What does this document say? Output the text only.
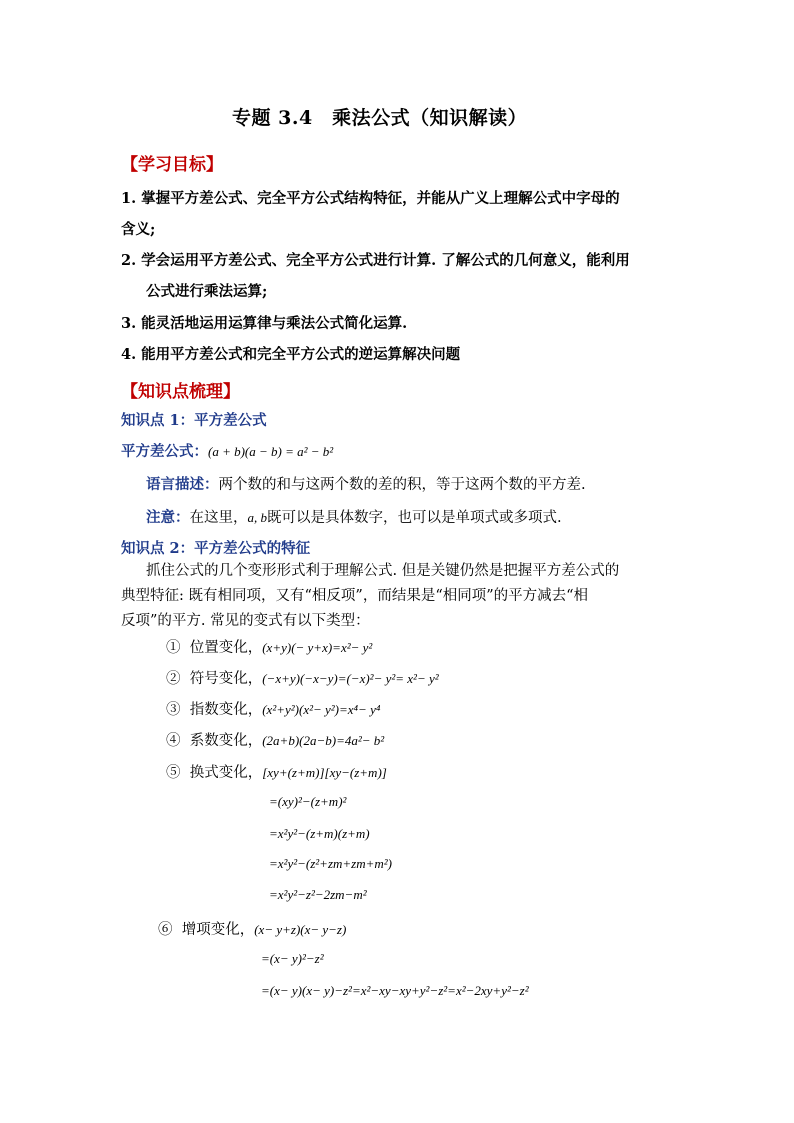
专题 3.4　乘法公式（知识解读）
【学习目标】
1. 掌握平方差公式、完全平方公式结构特征，并能从广义上理解公式中字母的
含义;
2. 学会运用平方差公式、完全平方公式进行计算. 了解公式的几何意义，能利用
公式进行乘法运算;
3. 能灵活地运用运算律与乘法公式简化运算.
4. 能用平方差公式和完全平方公式的逆运算解决问题
【知识点梳理】
知识点 1：平方差公式
平方差公式：(a + b)(a − b) = a² − b²
语言描述：两个数的和与这两个数的差的积，等于这两个数的平方差.
注意：在这里，a, b既可以是具体数字，也可以是单项式或多项式.
知识点 2：平方差公式的特征
抓住公式的几个变形形式利于理解公式. 但是关键仍然是把握平方差公式的
典型特征: 既有相同项，又有“相反项”，而结果是“相同项”的平方减去“相
反项”的平方. 常见的变式有以下类型：
① 位置变化，(x+y)(− y+x)=x²− y²
② 符号变化，(−x+y)(−x−y)=(−x)²− y²= x²− y²
③ 指数变化，(x²+y²)(x²− y²)=x⁴− y⁴
④ 系数变化，(2a+b)(2a−b)=4a²− b²
⑤ 换式变化，[xy+(z+m)][xy−(z+m)]
=(xy)²−(z+m)²
=x²y²−(z+m)(z+m)
=x²y²−(z²+zm+zm+m²)
=x²y²−z²−2zm−m²
⑥ 增项变化，(x− y+z)(x− y−z)
=(x− y)²−z²
=(x− y)(x− y)−z²=x²−xy−xy+y²−z²=x²−2xy+y²−z²
